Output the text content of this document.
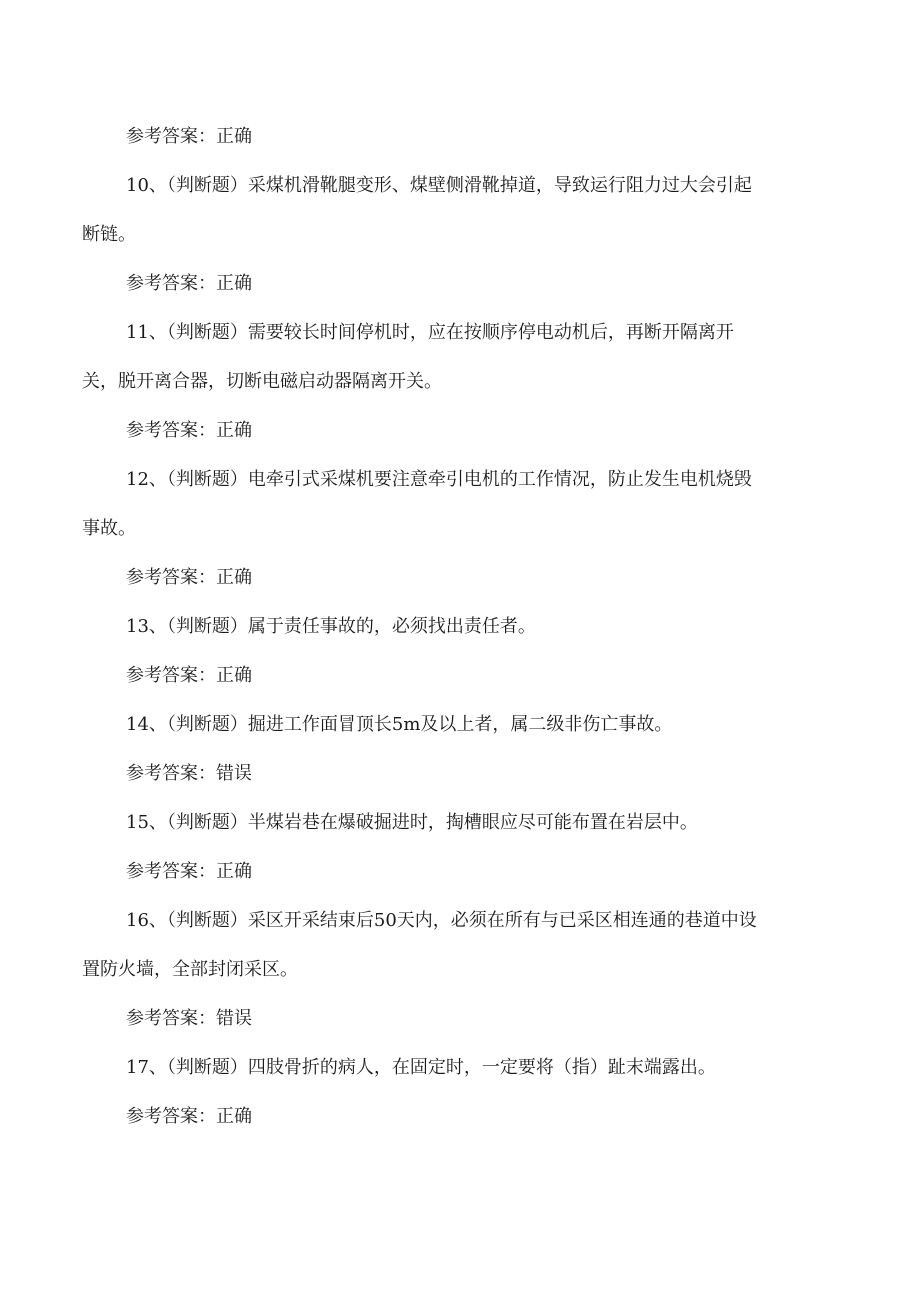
参考答案：正确
10、（判断题）采煤机滑靴腿变形、煤壁侧滑靴掉道，导致运行阻力过大会引起
断链。
参考答案：正确
11、（判断题）需要较长时间停机时，应在按顺序停电动机后，再断开隔离开
关，脱开离合器，切断电磁启动器隔离开关。
参考答案：正确
12、（判断题）电牵引式采煤机要注意牵引电机的工作情况，防止发生电机烧毁
事故。
参考答案：正确
13、（判断题）属于责任事故的，必须找出责任者。
参考答案：正确
14、（判断题）掘进工作面冒顶长5m及以上者，属二级非伤亡事故。
参考答案：错误
15、（判断题）半煤岩巷在爆破掘进时，掏槽眼应尽可能布置在岩层中。
参考答案：正确
16、（判断题）采区开采结束后50天内，必须在所有与已采区相连通的巷道中设
置防火墙，全部封闭采区。
参考答案：错误
17、（判断题）四肢骨折的病人，在固定时，一定要将（指）趾末端露出。
参考答案：正确
